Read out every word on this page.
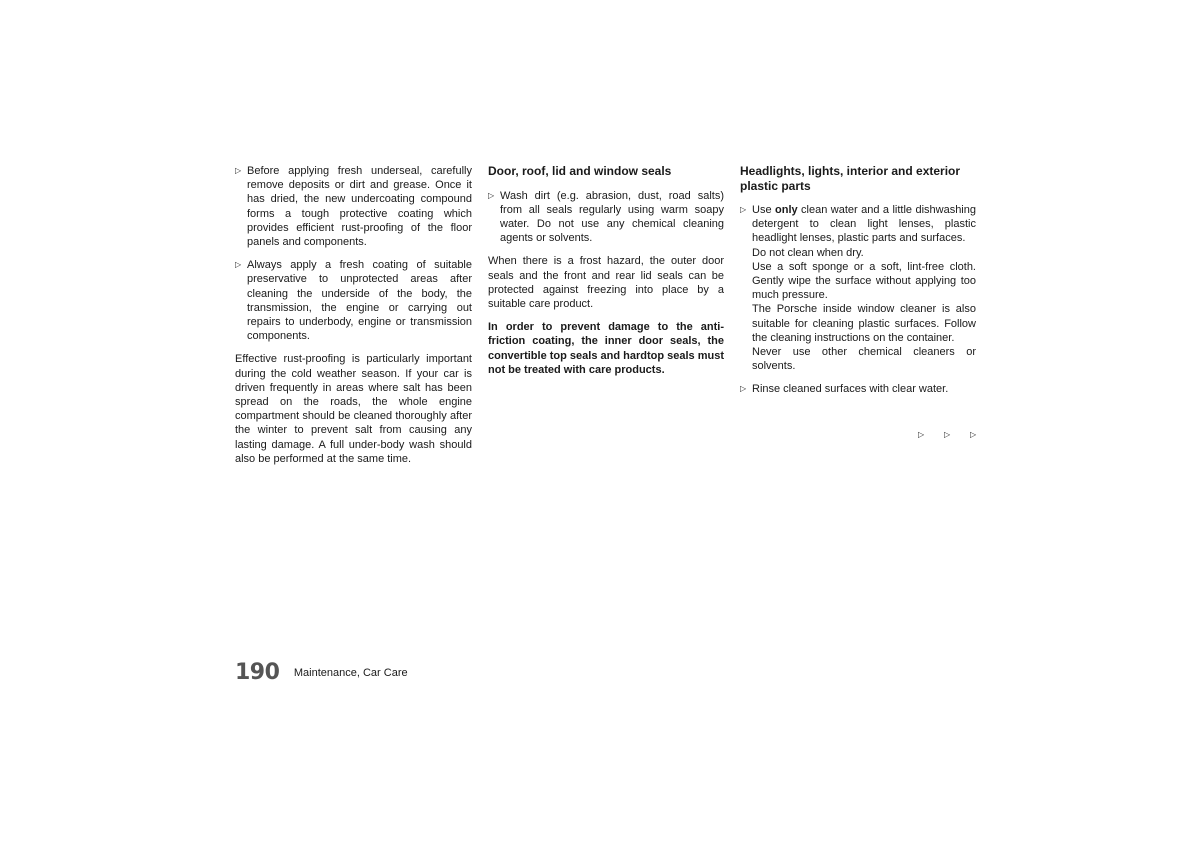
▷ Before applying fresh underseal, carefully remove deposits or dirt and grease. Once it has dried, the new undercoating compound forms a tough protective coating which provides efficient rust-proofing of the floor panels and components.
▷ Always apply a fresh coating of suitable preservative to unprotected areas after cleaning the underside of the body, the transmission, the engine or carrying out repairs to underbody, engine or transmission components.

Effective rust-proofing is particularly important during the cold weather season. If your car is driven frequently in areas where salt has been spread on the roads, the whole engine compartment should be cleaned thoroughly after the winter to prevent salt from causing any lasting damage. A full under-body wash should also be performed at the same time.

Door, roof, lid and window seals
▷ Wash dirt (e.g. abrasion, dust, road salts) from all seals regularly using warm soapy water. Do not use any chemical cleaning agents or solvents.

When there is a frost hazard, the outer door seals and the front and rear lid seals can be protected against freezing into place by a suitable care product.

In order to prevent damage to the anti-friction coating, the inner door seals, the convertible top seals and hardtop seals must not be treated with care products.

Headlights, lights, interior and exterior plastic parts
▷ Use only clean water and a little dishwashing detergent to clean light lenses, plastic headlight lenses, plastic parts and surfaces.
Do not clean when dry.
Use a soft sponge or a soft, lint-free cloth. Gently wipe the surface without applying too much pressure.
The Porsche inside window cleaner is also suitable for cleaning plastic surfaces. Follow the cleaning instructions on the container.
Never use other chemical cleaners or solvents.
▷ Rinse cleaned surfaces with clear water.
▷ ▷ ▷
190 Maintenance, Car Care
